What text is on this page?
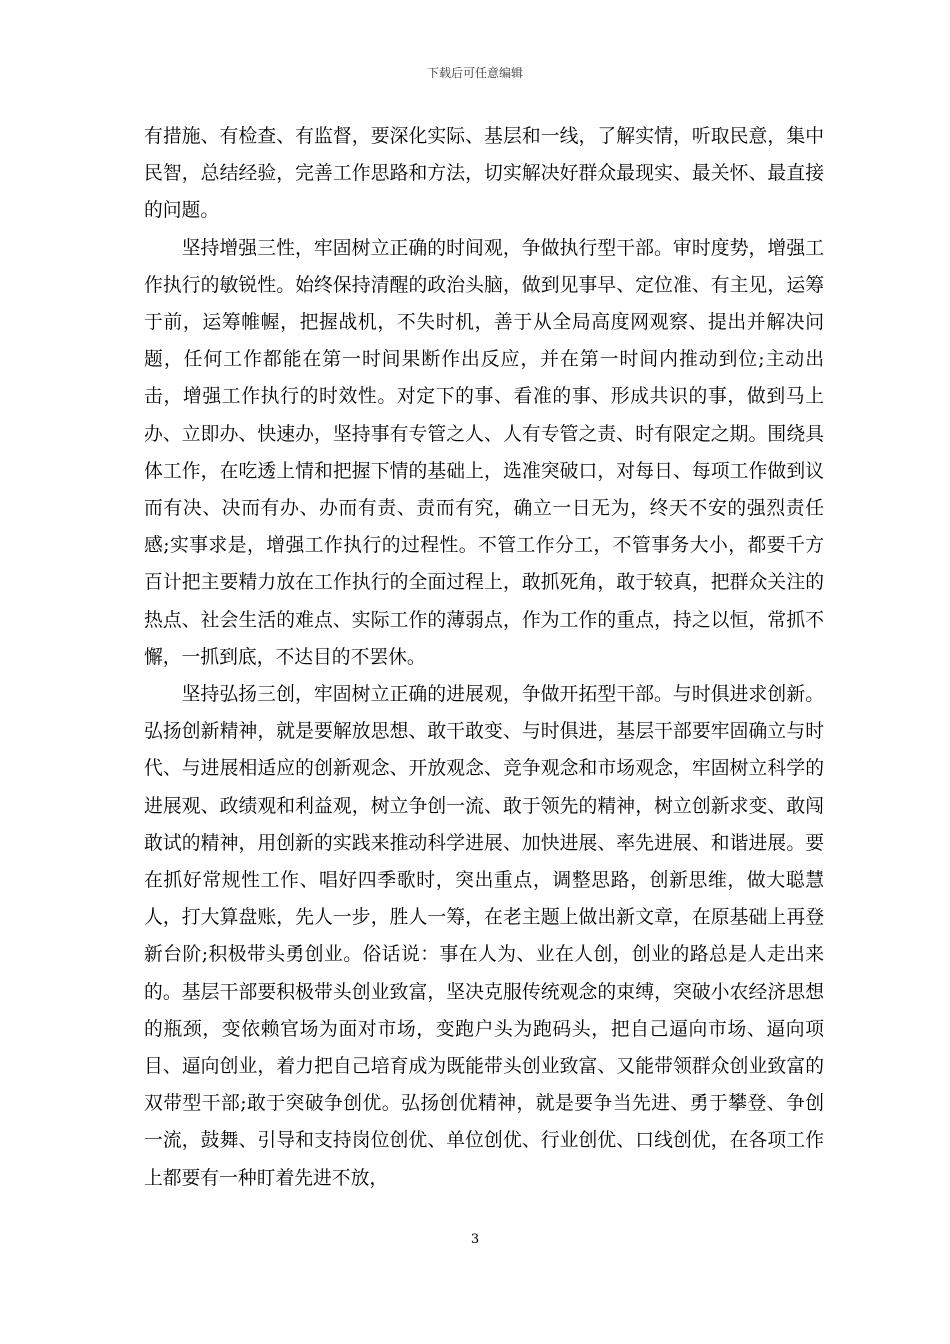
下载后可任意编辑

有措施、有检查、有监督，要深化实际、基层和一线，了解实情，听取民意，集中民智，总结经验，完善工作思路和方法，切实解决好群众最现实、最关怀、最直接的问题。

坚持增强三性，牢固树立正确的时间观，争做执行型干部。审时度势，增强工作执行的敏锐性。始终保持清醒的政治头脑，做到见事早、定位准、有主见，运筹于前，运筹帷幄，把握战机，不失时机，善于从全局高度网观察、提出并解决问题，任何工作都能在第一时间果断作出反应，并在第一时间内推动到位;主动出击，增强工作执行的时效性。对定下的事、看准的事、形成共识的事，做到马上办、立即办、快速办，坚持事有专管之人、人有专管之责、时有限定之期。围绕具体工作，在吃透上情和把握下情的基础上，选准突破口，对每日、每项工作做到议而有决、决而有办、办而有责、责而有究，确立一日无为，终天不安的强烈责任感;实事求是，增强工作执行的过程性。不管工作分工，不管事务大小，都要千方百计把主要精力放在工作执行的全面过程上，敢抓死角，敢于较真，把群众关注的热点、社会生活的难点、实际工作的薄弱点，作为工作的重点，持之以恒，常抓不懈，一抓到底，不达目的不罢休。

坚持弘扬三创，牢固树立正确的进展观，争做开拓型干部。与时俱进求创新。弘扬创新精神，就是要解放思想、敢干敢变、与时俱进，基层干部要牢固确立与时代、与进展相适应的创新观念、开放观念、竞争观念和市场观念，牢固树立科学的进展观、政绩观和利益观，树立争创一流、敢于领先的精神，树立创新求变、敢闯敢试的精神，用创新的实践来推动科学进展、加快进展、率先进展、和谐进展。要在抓好常规性工作、唱好四季歌时，突出重点，调整思路，创新思维，做大聪慧人，打大算盘账，先人一步，胜人一筹，在老主题上做出新文章，在原基础上再登新台阶;积极带头勇创业。俗话说：事在人为、业在人创，创业的路总是人走出来的。基层干部要积极带头创业致富，坚决克服传统观念的束缚，突破小农经济思想的瓶颈，变依赖官场为面对市场，变跑户头为跑码头，把自己逼向市场、逼向项目、逼向创业，着力把自己培育成为既能带头创业致富、又能带领群众创业致富的双带型干部;敢于突破争创优。弘扬创优精神，就是要争当先进、勇于攀登、争创一流，鼓舞、引导和支持岗位创优、单位创优、行业创优、口线创优，在各项工作上都要有一种盯着先进不放，

3
